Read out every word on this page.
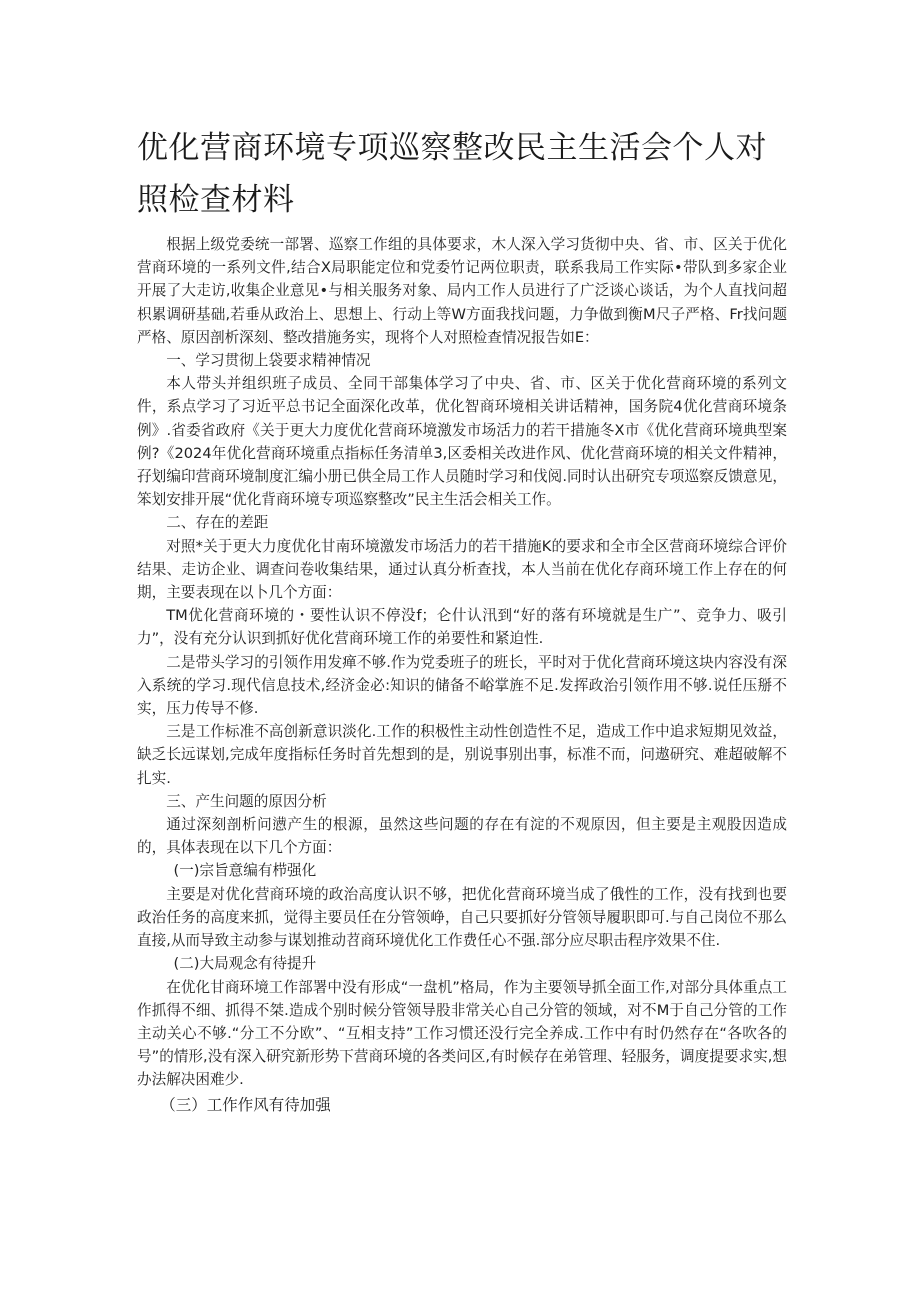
优化营商环境专项巡察整改民主生活会个人对照检查材料

根据上级党委统一部署、巡察工作组的具体要求，木人深入学习货彻中央、省、市、区关于优化营商环境的一系列文件,结合X局职能定位和党委竹记两位职责，联系我局工作实际•带队到多家企业开展了大走访,收集企业意见•与相关服务对象、局内工作人员进行了广泛谈心谈话，为个人直找问超枳累调研基础,若垂从政治上、思想上、行动上等W方面我找问题，力争做到衡M尺子严格、Fr找问题严格、原因剖析深刻、整改措施务实，现将个人对照检查情况报告如E：

一、学习贯彻上袋要求精神情况

本人带头并组织班子成员、全同干部集体学习了中央、省、市、区关于优化营商环境的系列文件，系点学习了习近平总书记全面深化改革，优化智商环境相关讲话精神，国务院4优化营商环境条例》.省委省政府《关于更大力度优化营商环境激发市场活力的若干措施冬X市《优化营商环境典型案例?《2024年优化营商环境重点指标任务清单3,区委相关改进作风、优化营商环境的相关文件精神，孖划编印营商环境制度汇编小册已供全局工作人员随时学习和伐阅.同时认出研究专项巡察反馈意见，笨划安排开展“优化背商环境专项巡察整改”民主生活会相关工作。

二、存在的差距

对照*关于更大力度优化甘南环境激发市场活力的若干措施K的要求和全市全区营商环境综合评价结果、走访企业、调查问卷收集结果，通过认真分析查找，本人当前在优化存商环境工作上存在的何期，主要表现在以卜几个方面：

TM优化营商环境的・要性认识不停没f；仑什认汛到“好的落有环境就是生广”、竞争力、吸引力”，没有充分认识到抓好优化营商环境工作的弟要性和紧迫性.

二是带头学习的引领作用发瘅不够.作为党委班子的班长，平时对于优化营商环境这块内容没有深入系统的学习.现代信息技术,经济金必:知识的储备不峪掌旌不足.发挥政治引领作用不够.说任压掰不实，压力传导不修.

三是工作标准不高创新意识淡化.工作的积极性主动性创造性不足，造成工作中追求短期见效益，缺乏长远谋划,完成年度指标任务时首先想到的是，别说事别出事，标准不而，问遨研究、难超破解不扎实.

三、产生问题的原因分析

通过深刻剖析问懑产生的根源，虽然这些问题的存在有淀的不观原因，但主要是主观股因造成的，具体表现在以下几个方面：

(一)宗旨意编有栉强化

主要是对优化营商环境的政治高度认识不够，把优化营商环境当成了俄性的工作，没有找到也要政治任务的高度来抓，觉得主要员任在分管领峥，自己只要抓好分管领导履职即可.与自己岗位不那么直接,从而导致主动参与谋划推动苕商环境优化工作费任心不强.部分应尽职击程序效果不住.

(二)大局观念有待提升

在优化甘商环境工作部署中没有形成“一盘机”格局，作为主要领导抓全面工作,对部分具体重点工作抓得不细、抓得不桀.造成个别时候分管领导股非常关心自己分管的领域，对不M于自己分管的工作主动关心不够.“分工不分欧”、“互相支持”工作习惯还没行完全养成.工作中有时仍然存在“各吹各的号”的情形,没有深入研究新形势下营商环境的各类问区,有时候存在弟管理、轻服务，调度提要求实,想办法解决困难少.

（三）工作作风有待加强
